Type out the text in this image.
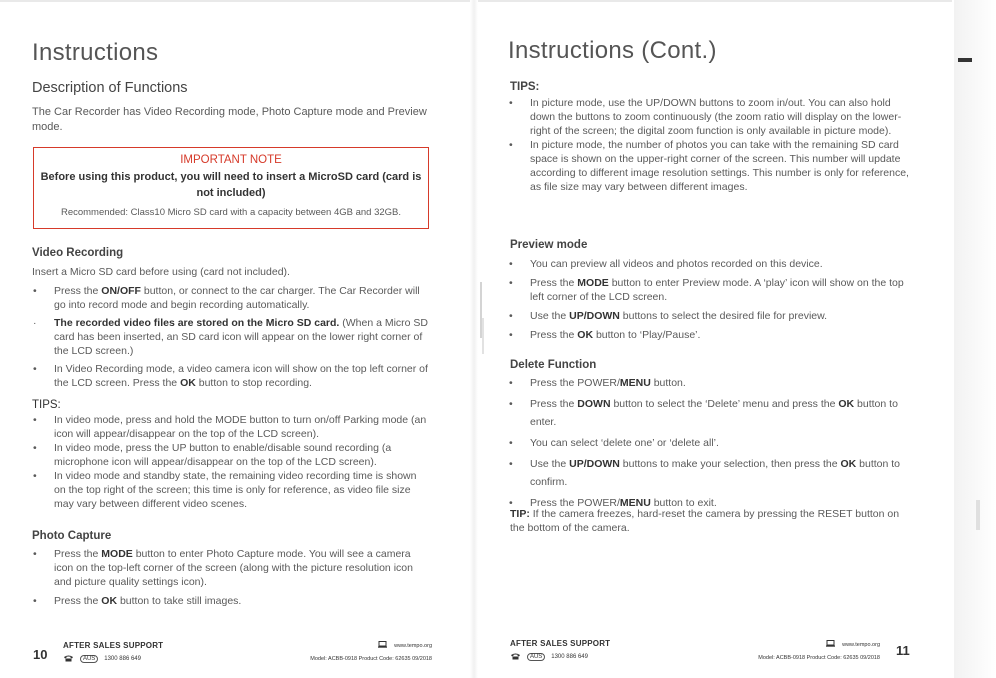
Instructions
Description of Functions

The Car Recorder has Video Recording mode, Photo Capture mode and Preview mode.

IMPORTANT NOTE
Before using this product, you will need to insert a MicroSD card (card is not included)
Recommended: Class10 Micro SD card with a capacity between 4GB and 32GB.
Video Recording

Insert a Micro SD card before using (card not included).

• Press the ON/OFF button, or connect to the car charger. The Car Recorder will go into record mode and begin recording automatically.
· The recorded video files are stored on the Micro SD card. (When a Micro SD card has been inserted, an SD card icon will appear on the lower right corner of the LCD screen.)
• In Video Recording mode, a video camera icon will show on the top left corner of the LCD screen. Press the OK button to stop recording.
TIPS:
• In video mode, press and hold the MODE button to turn on/off Parking mode (an icon will appear/disappear on the top of the LCD screen).
• In video mode, press the UP button to enable/disable sound recording (a microphone icon will appear/disappear on the top of the LCD screen).
• In video mode and standby state, the remaining video recording time is shown on the top right of the screen; this time is only for reference, as video file size may vary between different video scenes.
Photo Capture
• Press the MODE button to enter Photo Capture mode. You will see a camera icon on the top-left corner of the screen (along with the picture resolution icon and picture quality settings icon).
• Press the OK button to take still images.
10
AFTER SALES SUPPORT
AUS 1300 886 649
www.tempo.org
Model: ACBB-0918 Product Code: 62635 09/2018
Instructions (Cont.)
TIPS:
• In picture mode, use the UP/DOWN buttons to zoom in/out. You can also hold down the buttons to zoom continuously (the zoom ratio will display on the lower-right of the screen; the digital zoom function is only available in picture mode).
• In picture mode, the number of photos you can take with the remaining SD card space is shown on the upper-right corner of the screen. This number will update according to different image resolution settings. This number is only for reference, as file size may vary between different images.
Preview mode
• You can preview all videos and photos recorded on this device.
• Press the MODE button to enter Preview mode. A ‘play’ icon will show on the top left corner of the LCD screen.
• Use the UP/DOWN buttons to select the desired file for preview.
• Press the OK button to ‘Play/Pause’.
Delete Function
• Press the POWER/MENU button.
• Press the DOWN button to select the ‘Delete’ menu and press the OK button to enter.
• You can select ‘delete one’ or ‘delete all’.
• Use the UP/DOWN buttons to make your selection, then press the OK button to confirm.
• Press the POWER/MENU button to exit.

TIP: If the camera freezes, hard-reset the camera by pressing the RESET button on the bottom of the camera.

AFTER SALES SUPPORT
AUS 1300 886 649
www.tempo.org
Model: ACBB-0918 Product Code: 62635 09/2018 11
